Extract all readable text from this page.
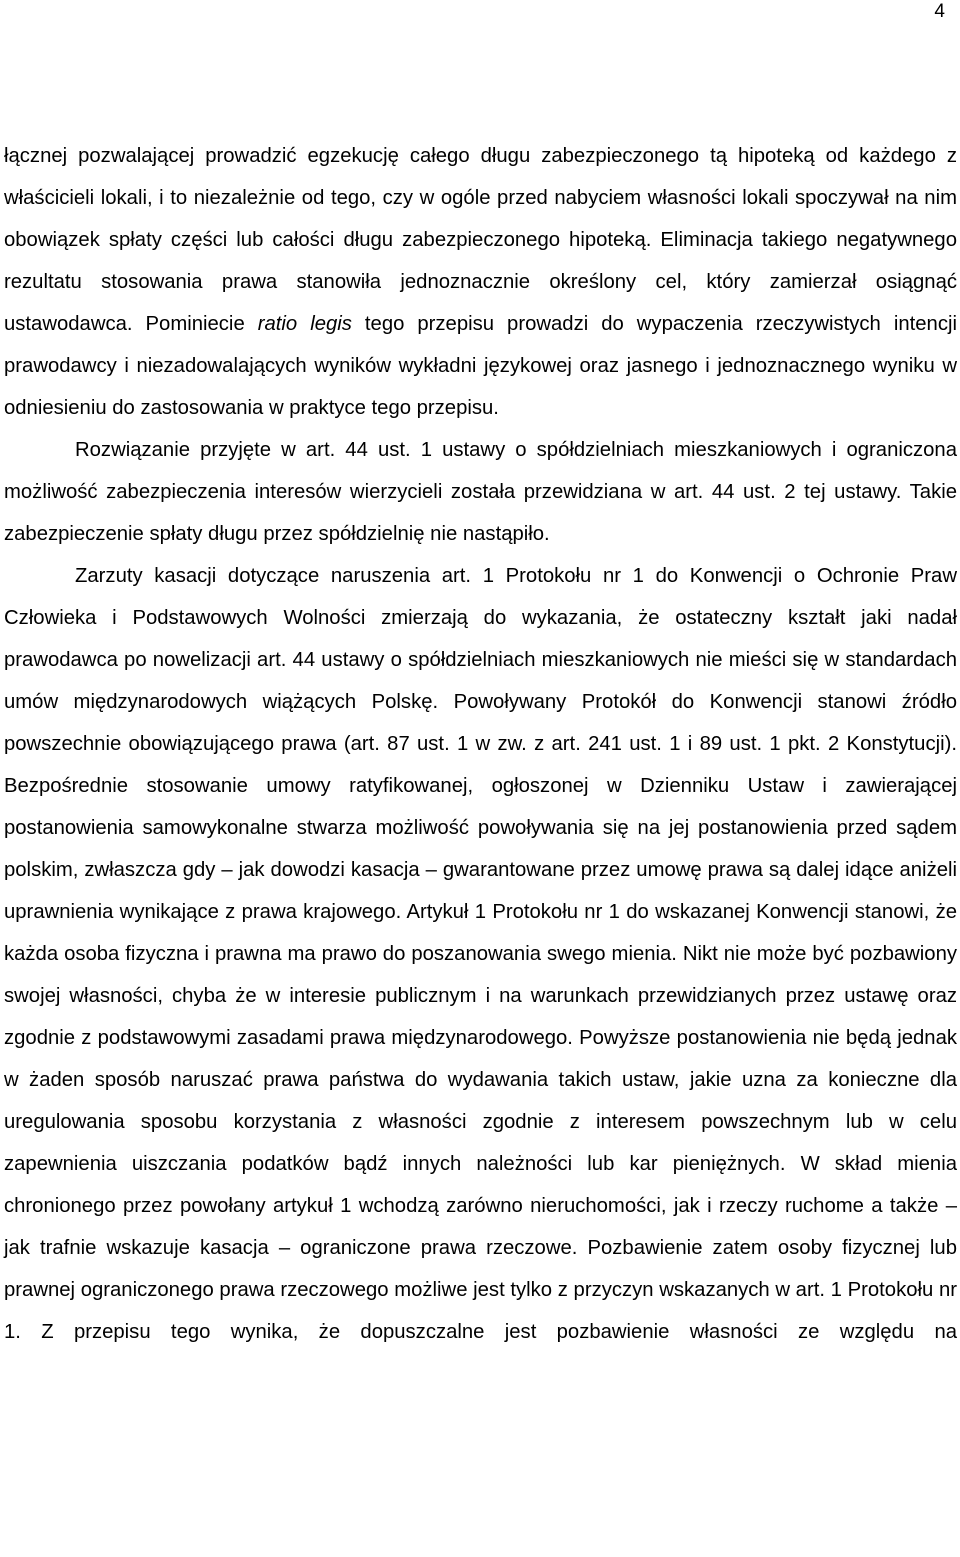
4

łącznej pozwalającej prowadzić egzekucję całego długu zabezpieczonego tą hipoteką od każdego z właścicieli lokali, i to niezależnie od tego, czy w ogóle przed nabyciem własności lokali spoczywał na nim obowiązek spłaty części lub całości długu zabezpieczonego hipoteką. Eliminacja takiego negatywnego rezultatu stosowania prawa stanowiła jednoznacznie określony cel, który zamierzał osiągnąć ustawodawca. Pominiecie ratio legis tego przepisu prowadzi do wypaczenia rzeczywistych intencji prawodawcy i niezadowalających wyników wykładni językowej oraz jasnego i jednoznacznego wyniku w odniesieniu do zastosowania w praktyce tego przepisu.

Rozwiązanie przyjęte w art. 44 ust. 1 ustawy o spółdzielniach mieszkaniowych i ograniczona możliwość zabezpieczenia interesów wierzycieli została przewidziana w art. 44 ust. 2 tej ustawy. Takie zabezpieczenie spłaty długu przez spółdzielnię nie nastąpiło.

Zarzuty kasacji dotyczące naruszenia art. 1 Protokołu nr 1 do Konwencji o Ochronie Praw Człowieka i Podstawowych Wolności zmierzają do wykazania, że ostateczny kształt jaki nadał prawodawca po nowelizacji art. 44 ustawy o spółdzielniach mieszkaniowych nie mieści się w standardach umów międzynarodowych wiążących Polskę. Powoływany Protokół do Konwencji stanowi źródło powszechnie obowiązującego prawa (art. 87 ust. 1 w zw. z art. 241 ust. 1 i 89 ust. 1 pkt. 2 Konstytucji). Bezpośrednie stosowanie umowy ratyfikowanej, ogłoszonej w Dzienniku Ustaw i zawierającej postanowienia samowykonalne stwarza możliwość powoływania się na jej postanowienia przed sądem polskim, zwłaszcza gdy – jak dowodzi kasacja – gwarantowane przez umowę prawa są dalej idące aniżeli uprawnienia wynikające z prawa krajowego. Artykuł 1 Protokołu nr 1 do wskazanej Konwencji stanowi, że każda osoba fizyczna i prawna ma prawo do poszanowania swego mienia. Nikt nie może być pozbawiony swojej własności, chyba że w interesie publicznym i na warunkach przewidzianych przez ustawę oraz zgodnie z podstawowymi zasadami prawa międzynarodowego. Powyższe postanowienia nie będą jednak w żaden sposób naruszać prawa państwa do wydawania takich ustaw, jakie uzna za konieczne dla uregulowania sposobu korzystania z własności zgodnie z interesem powszechnym lub w celu zapewnienia uiszczania podatków bądź innych należności lub kar pieniężnych. W skład mienia chronionego przez powołany artykuł 1 wchodzą zarówno nieruchomości, jak i rzeczy ruchome a także – jak trafnie wskazuje kasacja – ograniczone prawa rzeczowe. Pozbawienie zatem osoby fizycznej lub prawnej ograniczonego prawa rzeczowego możliwe jest tylko z przyczyn wskazanych w art. 1 Protokołu nr 1. Z przepisu tego wynika, że dopuszczalne jest pozbawienie własności ze względu na
